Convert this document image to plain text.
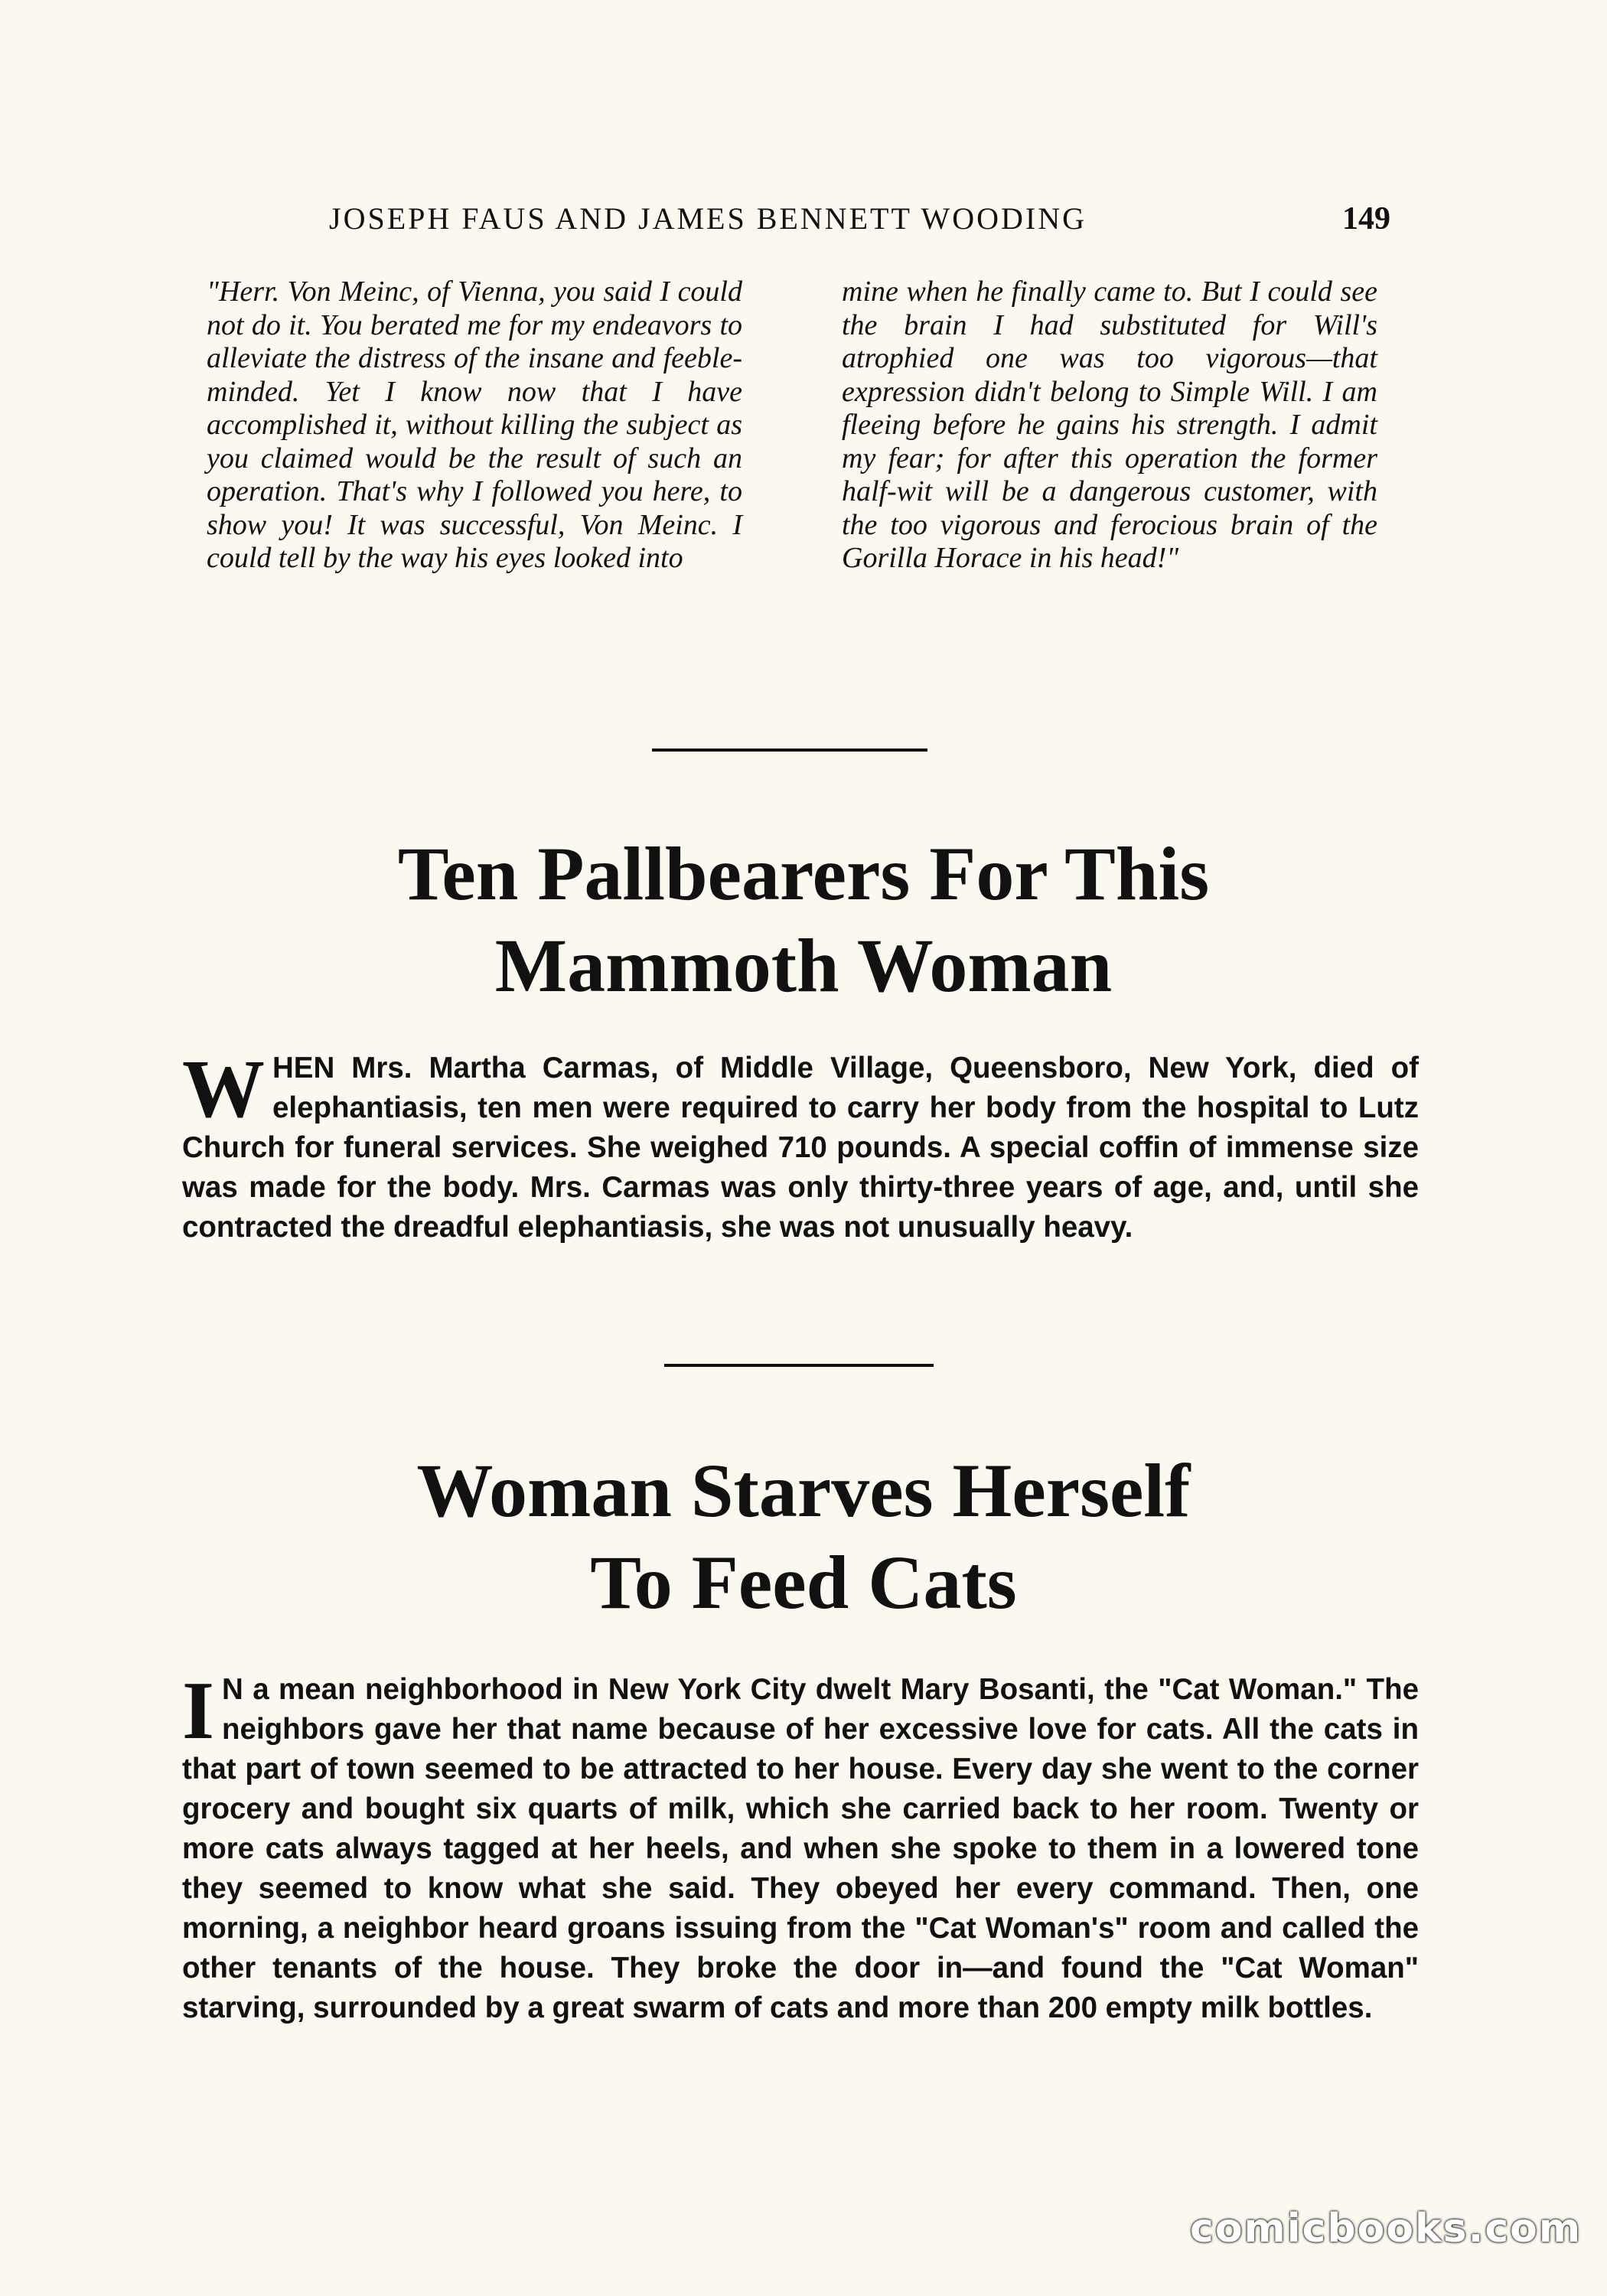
JOSEPH FAUS AND JAMES BENNETT WOODING	149

"Herr. Von Meinc, of Vienna, you said I could not do it. You berated me for my endeavors to alleviate the distress of the insane and feeble-minded. Yet I know now that I have accomplished it, without killing the subject as you claimed would be the result of such an operation. That's why I followed you here, to show you! It was successful, Von Meinc. I could tell by the way his eyes looked into

mine when he finally came to. But I could see the brain I had substituted for Will's atrophied one was too vigorous—that expression didn't belong to Simple Will. I am fleeing before he gains his strength. I admit my fear; for after this operation the former half-wit will be a dangerous customer, with the too vigorous and ferocious brain of the Gorilla Horace in his head!"

Ten Pallbearers For This
Mammoth Woman
WHEN Mrs. Martha Carmas, of Middle Village, Queensboro, New York, died of elephantiasis, ten men were required to carry her body from the hospital to Lutz Church for funeral services. She weighed 710 pounds. A special coffin of immense size was made for the body. Mrs. Carmas was only thirty-three years of age, and, until she contracted the dreadful elephantiasis, she was not unusually heavy.
Woman Starves Herself
To Feed Cats
I N a mean neighborhood in New York City dwelt Mary Bosanti, the "Cat Woman." The neighbors gave her that name because of her excessive love for cats. All the cats in that part of town seemed to be attracted to her house. Every day she went to the corner grocery and bought six quarts of milk, which she carried back to her room. Twenty or more cats always tagged at her heels, and when she spoke to them in a lowered tone they seemed to know what she said. They obeyed her every command. Then, one morning, a neighbor heard groans issuing from the "Cat Woman's" room and called the other tenants of the house. They broke the door in—and found the "Cat Woman" starving, surrounded by a great swarm of cats and more than 200 empty milk bottles.
comicbooks.com
